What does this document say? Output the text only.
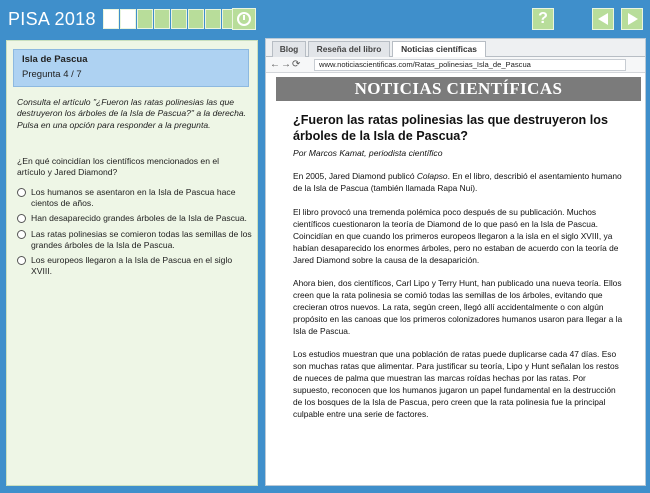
PISA 2018	?
Isla de Pascua
Pregunta 4 / 7
Consulta el artículo "¿Fueron las ratas polinesias las que destruyeron los árboles de la Isla de Pascua?" a la derecha. Pulsa en una opción para responder a la pregunta.
¿En qué coincidían los científicos mencionados en el artículo y Jared Diamond?
Los humanos se asentaron en la Isla de Pascua hace cientos de años.
Han desaparecido grandes árboles de la Isla de Pascua.
Las ratas polinesias se comieron todas las semillas de los grandes árboles de la Isla de Pascua.
Los europeos llegaron a la Isla de Pascua en el siglo XVIII.
Blog	Reseña del libro	Noticias científicas
←→⟳	www.noticiascientificas.com/Ratas_polinesias_Isla_de_Pascua
NOTICIAS CIENTÍFICAS
¿Fueron las ratas polinesias las que destruyeron los árboles de la Isla de Pascua?
Por Marcos Kamat, periodista científico

En 2005, Jared Diamond publicó Colapso. En el libro, describió el asentamiento humano de la Isla de Pascua (también llamada Rapa Nui).

El libro provocó una tremenda polémica poco después de su publicación. Muchos científicos cuestionaron la teoría de Diamond de lo que pasó en la Isla de Pascua. Coincidían en que cuando los primeros europeos llegaron a la isla en el siglo XVIII, ya habían desaparecido los enormes árboles, pero no estaban de acuerdo con la teoría de Jared Diamond sobre la causa de la desaparición.

Ahora bien, dos científicos, Carl Lipo y Terry Hunt, han publicado una nueva teoría. Ellos creen que la rata polinesia se comió todas las semillas de los árboles, evitando que crecieran otros nuevos. La rata, según creen, llegó allí accidentalmente o con algún propósito en las canoas que los primeros colonizadores humanos usaron para llegar a la Isla de Pascua.

Los estudios muestran que una población de ratas puede duplicarse cada 47 días. Eso son muchas ratas que alimentar. Para justificar su teoría, Lipo y Hunt señalan los restos de nueces de palma que muestran las marcas roídas hechas por las ratas. Por supuesto, reconocen que los humanos jugaron un papel fundamental en la destrucción de los bosques de la Isla de Pascua, pero creen que la rata polinesia fue la principal culpable entre una serie de factores.
